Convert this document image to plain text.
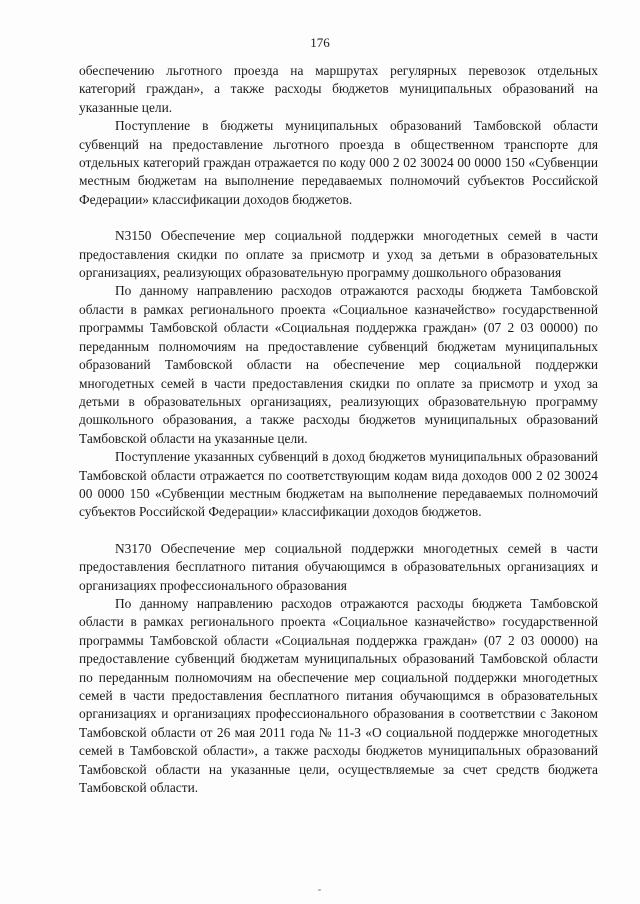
176

обеспечению льготного проезда на маршрутах регулярных перевозок отдельных категорий граждан», а также расходы бюджетов муниципальных образований на указанные цели.

Поступление в бюджеты муниципальных образований Тамбовской области субвенций на предоставление льготного проезда в общественном транспорте для отдельных категорий граждан отражается по коду 000 2 02 30024 00 0000 150 «Субвенции местным бюджетам на выполнение передаваемых полномочий субъектов Российской Федерации» классификации доходов бюджетов.

N3150 Обеспечение мер социальной поддержки многодетных семей в части предоставления скидки по оплате за присмотр и уход за детьми в образовательных организациях, реализующих образовательную программу дошкольного образования

По данному направлению расходов отражаются расходы бюджета Тамбовской области в рамках регионального проекта «Социальное казначейство» государственной программы Тамбовской области «Социальная поддержка граждан» (07 2 03 00000) по переданным полномочиям на предоставление субвенций бюджетам муниципальных образований Тамбовской области на обеспечение мер социальной поддержки многодетных семей в части предоставления скидки по оплате за присмотр и уход за детьми в образовательных организациях, реализующих образовательную программу дошкольного образования, а также расходы бюджетов муниципальных образований Тамбовской области на указанные цели.

Поступление указанных субвенций в доход бюджетов муниципальных образований Тамбовской области отражается по соответствующим кодам вида доходов 000 2 02 30024 00 0000 150 «Субвенции местным бюджетам на выполнение передаваемых полномочий субъектов Российской Федерации» классификации доходов бюджетов.

N3170 Обеспечение мер социальной поддержки многодетных семей в части предоставления бесплатного питания обучающимся в образовательных организациях и организациях профессионального образования

По данному направлению расходов отражаются расходы бюджета Тамбовской области в рамках регионального проекта «Социальное казначейство» государственной программы Тамбовской области «Социальная поддержка граждан» (07 2 03 00000) на предоставление субвенций бюджетам муниципальных образований Тамбовской области по переданным полномочиям на обеспечение мер социальной поддержки многодетных семей в части предоставления бесплатного питания обучающимся в образовательных организациях и организациях профессионального образования в соответствии с Законом Тамбовской области от 26 мая 2011 года № 11-З «О социальной поддержке многодетных семей в Тамбовской области», а также расходы бюджетов муниципальных образований Тамбовской области на указанные цели, осуществляемые за счет средств бюджета Тамбовской области.
